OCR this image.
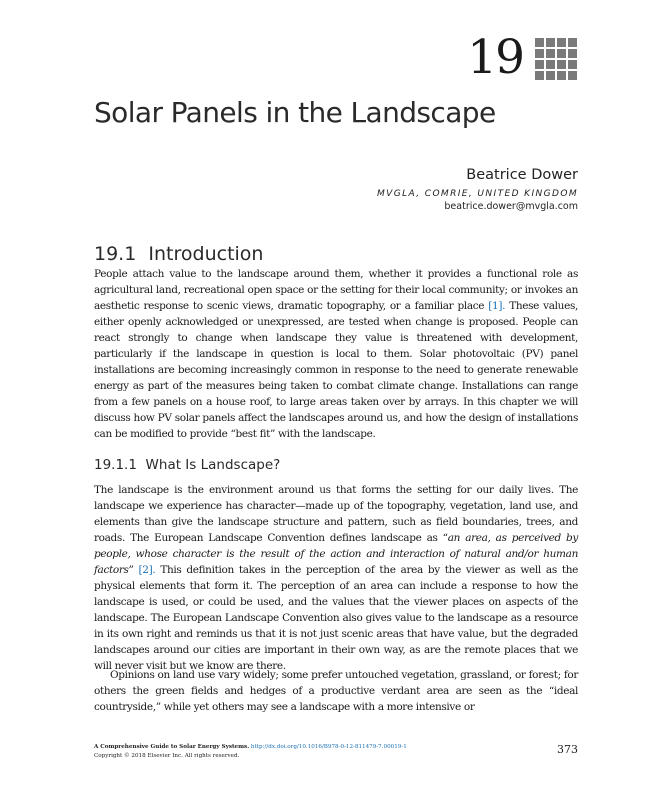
19
Solar Panels in the Landscape
Beatrice Dower
MVGLA, COMRIE, UNITED KINGDOM
beatrice.dower@mvgla.com
19.1 Introduction

People attach value to the landscape around them, whether it provides a functional role as agricultural land, recreational open space or the setting for their local community; or invokes an aesthetic response to scenic views, dramatic topography, or a familiar place [1]. These values, either openly acknowledged or unexpressed, are tested when change is proposed. People can react strongly to change when landscape they value is threatened with development, particularly if the landscape in question is local to them. Solar photovoltaic (PV) panel installations are becoming increasingly common in response to the need to generate renewable energy as part of the measures being taken to combat climate change. Installations can range from a few panels on a house roof, to large areas taken over by arrays. In this chapter we will discuss how PV solar panels affect the landscapes around us, and how the design of installations can be modified to provide “best fit” with the landscape.

19.1.1 What Is Landscape?

The landscape is the environment around us that forms the setting for our daily lives. The landscape we experience has character—made up of the topography, vegetation, land use, and elements than give the landscape structure and pattern, such as field boundaries, trees, and roads. The European Landscape Convention defines landscape as “an area, as perceived by people, whose character is the result of the action and interaction of natural and/or human factors” [2]. This definition takes in the perception of the area by the viewer as well as the physical elements that form it. The perception of an area can include a response to how the landscape is used, or could be used, and the values that the viewer places on aspects of the landscape. The European Landscape Convention also gives value to the landscape as a resource in its own right and reminds us that it is not just scenic areas that have value, but the degraded landscapes around our cities are important in their own way, as are the remote places that we will never visit but we know are there.

Opinions on land use vary widely; some prefer untouched vegetation, grassland, or forest; for others the green fields and hedges of a productive verdant area are seen as the “ideal countryside,” while yet others may see a landscape with a more intensive or

A Comprehensive Guide to Solar Energy Systems. http://dx.doi.org/10.1016/B978-0-12-811479-7.00019-1
Copyright © 2018 Elsevier Inc. All rights reserved.	373
